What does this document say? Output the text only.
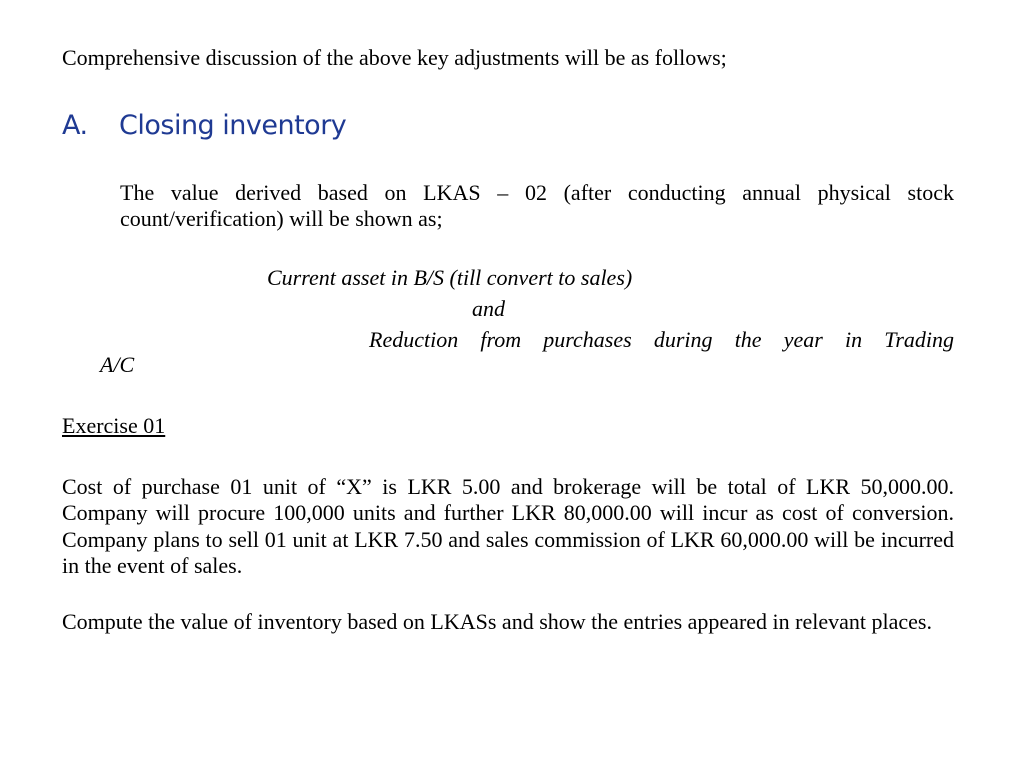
Comprehensive discussion of the above key adjustments will be as follows;

A. Closing inventory

The value derived based on LKAS – 02 (after conducting annual physical stock count/verification) will be shown as;

Current asset in B/S (till convert to sales)

and

Reduction from purchases during the year in Trading

A/C

Exercise 01

Cost of purchase 01 unit of “X” is LKR 5.00 and brokerage will be total of LKR 50,000.00. Company will procure 100,000 units and further LKR 80,000.00 will incur as cost of conversion. Company plans to sell 01 unit at LKR 7.50 and sales commission of LKR 60,000.00 will be incurred in the event of sales.

Compute the value of inventory based on LKASs and show the entries appeared in relevant places.
